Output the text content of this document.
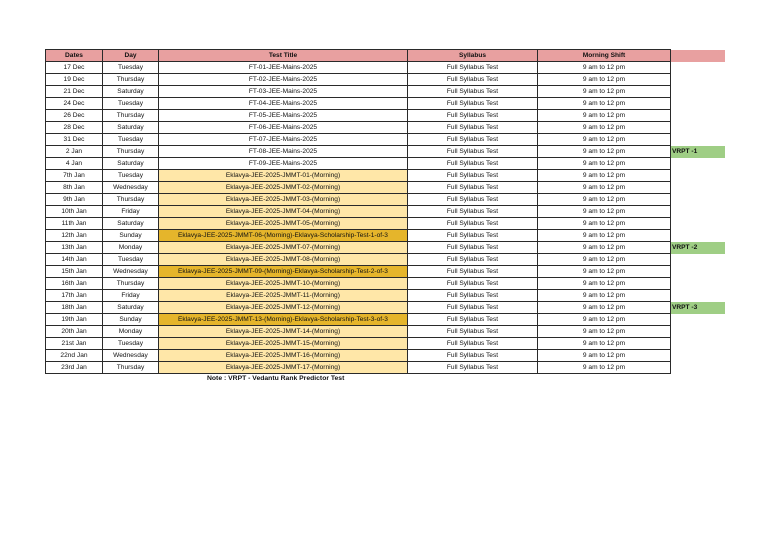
Dates	Day	Test Title	Syllabus	Morning Shift	
17 Dec	Tuesday	FT-01-JEE-Mains-2025	Full Syllabus Test	9 am to 12 pm	
19 Dec	Thursday	FT-02-JEE-Mains-2025	Full Syllabus Test	9 am to 12 pm	
21 Dec	Saturday	FT-03-JEE-Mains-2025	Full Syllabus Test	9 am to 12 pm	
24 Dec	Tuesday	FT-04-JEE-Mains-2025	Full Syllabus Test	9 am to 12 pm	
26 Dec	Thursday	FT-05-JEE-Mains-2025	Full Syllabus Test	9 am to 12 pm	
28 Dec	Saturday	FT-06-JEE-Mains-2025	Full Syllabus Test	9 am to 12 pm	
31 Dec	Tuesday	FT-07-JEE-Mains-2025	Full Syllabus Test	9 am to 12 pm	
2 Jan	Thursday	FT-08-JEE-Mains-2025	Full Syllabus Test	9 am to 12 pm	VRPT -1
4 Jan	Saturday	FT-09-JEE-Mains-2025	Full Syllabus Test	9 am to 12 pm	
7th Jan	Tuesday	Eklavya-JEE-2025-JMMT-01-(Morning)	Full Syllabus Test	9 am to 12 pm	
8th Jan	Wednesday	Eklavya-JEE-2025-JMMT-02-(Morning)	Full Syllabus Test	9 am to 12 pm	
9th Jan	Thursday	Eklavya-JEE-2025-JMMT-03-(Morning)	Full Syllabus Test	9 am to 12 pm	
10th Jan	Friday	Eklavya-JEE-2025-JMMT-04-(Morning)	Full Syllabus Test	9 am to 12 pm	
11th Jan	Saturday	Eklavya-JEE-2025-JMMT-05-(Morning)	Full Syllabus Test	9 am to 12 pm	
12th Jan	Sunday	Eklavya-JEE-2025-JMMT-06-(Morning)-Eklavya-Scholarship-Test-1-of-3	Full Syllabus Test	9 am to 12 pm	
13th Jan	Monday	Eklavya-JEE-2025-JMMT-07-(Morning)	Full Syllabus Test	9 am to 12 pm	VRPT -2
14th Jan	Tuesday	Eklavya-JEE-2025-JMMT-08-(Morning)	Full Syllabus Test	9 am to 12 pm	
15th Jan	Wednesday	Eklavya-JEE-2025-JMMT-09-(Morning)-Eklavya-Scholarship-Test-2-of-3	Full Syllabus Test	9 am to 12 pm	
16th Jan	Thursday	Eklavya-JEE-2025-JMMT-10-(Morning)	Full Syllabus Test	9 am to 12 pm	
17th Jan	Friday	Eklavya-JEE-2025-JMMT-11-(Morning)	Full Syllabus Test	9 am to 12 pm	
18th Jan	Saturday	Eklavya-JEE-2025-JMMT-12-(Morning)	Full Syllabus Test	9 am to 12 pm	VRPT -3
19th Jan	Sunday	Eklavya-JEE-2025-JMMT-13-(Morning)-Eklavya-Scholarship-Test-3-of-3	Full Syllabus Test	9 am to 12 pm	
20th Jan	Monday	Eklavya-JEE-2025-JMMT-14-(Morning)	Full Syllabus Test	9 am to 12 pm	
21st Jan	Tuesday	Eklavya-JEE-2025-JMMT-15-(Morning)	Full Syllabus Test	9 am to 12 pm	
22nd Jan	Wednesday	Eklavya-JEE-2025-JMMT-16-(Morning)	Full Syllabus Test	9 am to 12 pm	
23rd Jan	Thursday	Eklavya-JEE-2025-JMMT-17-(Morning)	Full Syllabus Test	9 am to 12 pm	
Note : VRPT - Vedantu Rank Predictor Test
